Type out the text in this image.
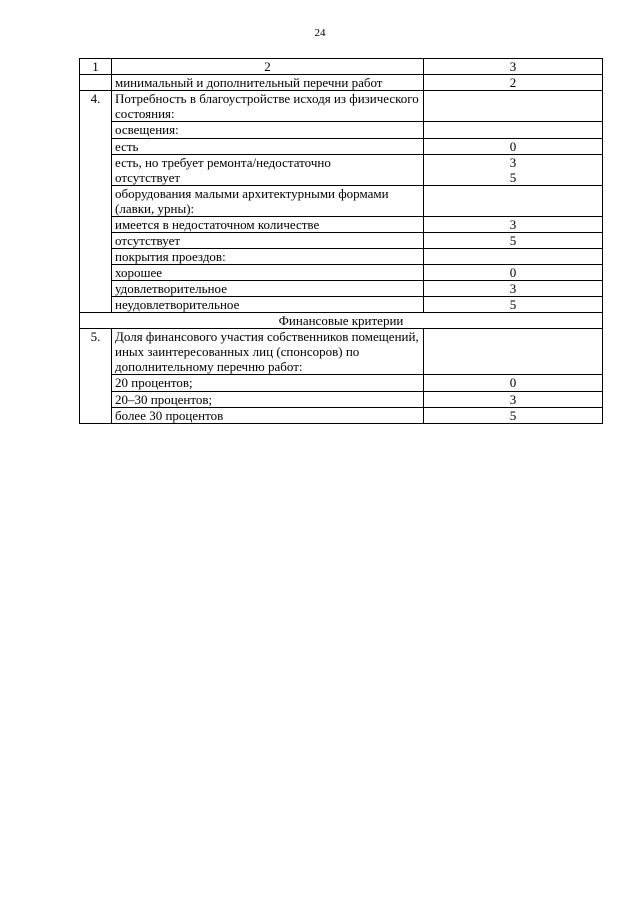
24
1	2	3
	минимальный и дополнительный перечни работ	2
4.	Потребность в благоустройстве исходя из физического состояния:	
	освещения:	
	есть	0
	есть, но требует ремонта/недостаточно	3
	отсутствует	5
	оборудования малыми архитектурными формами (лавки, урны):	
	имеется в недостаточном количестве	3
	отсутствует	5
	покрытия проездов:	
	хорошее	0
	удовлетворительное	3
	неудовлетворительное	5
Финансовые критерии		
5.	Доля финансового участия собственников помещений, иных заинтересованных лиц (спонсоров) по дополнительному перечню работ:	
	20 процентов;	0
	20–30 процентов;	3
	более 30 процентов	5
